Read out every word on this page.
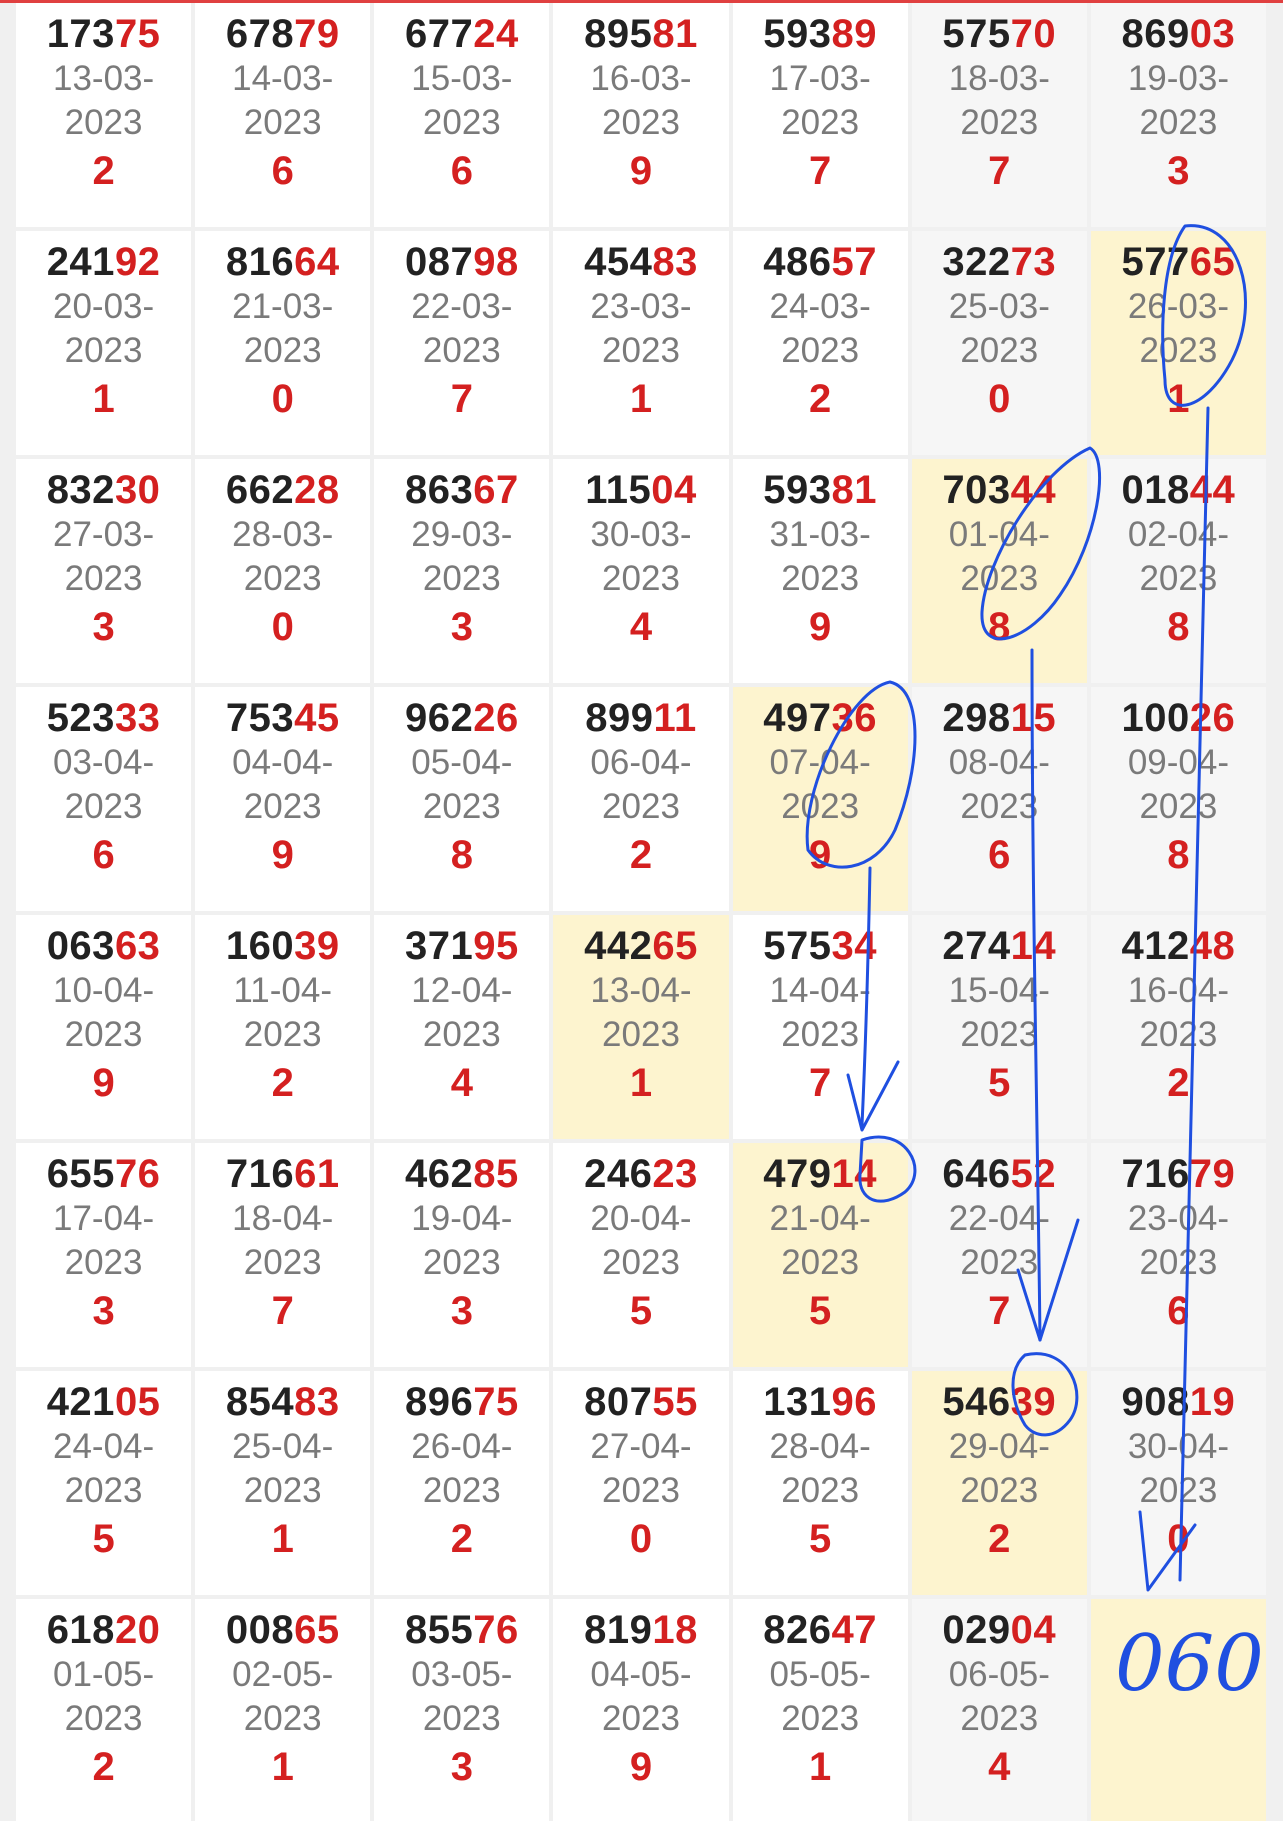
17375
13-03-
2023
2
67879
14-03-
2023
6
67724
15-03-
2023
6
89581
16-03-
2023
9
59389
17-03-
2023
7
57570
18-03-
2023
7
86903
19-03-
2023
3
24192
20-03-
2023
1
81664
21-03-
2023
0
08798
22-03-
2023
7
45483
23-03-
2023
1
48657
24-03-
2023
2
32273
25-03-
2023
0
57765
26-03-
2023
1
83230
27-03-
2023
3
66228
28-03-
2023
0
86367
29-03-
2023
3
11504
30-03-
2023
4
59381
31-03-
2023
9
70344
01-04-
2023
8
01844
02-04-
2023
8
52333
03-04-
2023
6
75345
04-04-
2023
9
96226
05-04-
2023
8
89911
06-04-
2023
2
49736
07-04-
2023
9
29815
08-04-
2023
6
10026
09-04-
2023
8
06363
10-04-
2023
9
16039
11-04-
2023
2
37195
12-04-
2023
4
44265
13-04-
2023
1
57534
14-04-
2023
7
27414
15-04-
2023
5
41248
16-04-
2023
2
65576
17-04-
2023
3
71661
18-04-
2023
7
46285
19-04-
2023
3
24623
20-04-
2023
5
47914
21-04-
2023
5
64652
22-04-
2023
7
71679
23-04-
2023
6
42105
24-04-
2023
5
85483
25-04-
2023
1
89675
26-04-
2023
2
80755
27-04-
2023
0
13196
28-04-
2023
5
54639
29-04-
2023
2
90819
30-04-
2023
0
61820
01-05-
2023
2
00865
02-05-
2023
1
85576
03-05-
2023
3
81918
04-05-
2023
9
82647
05-05-
2023
1
02904
06-05-
2023
4
060
